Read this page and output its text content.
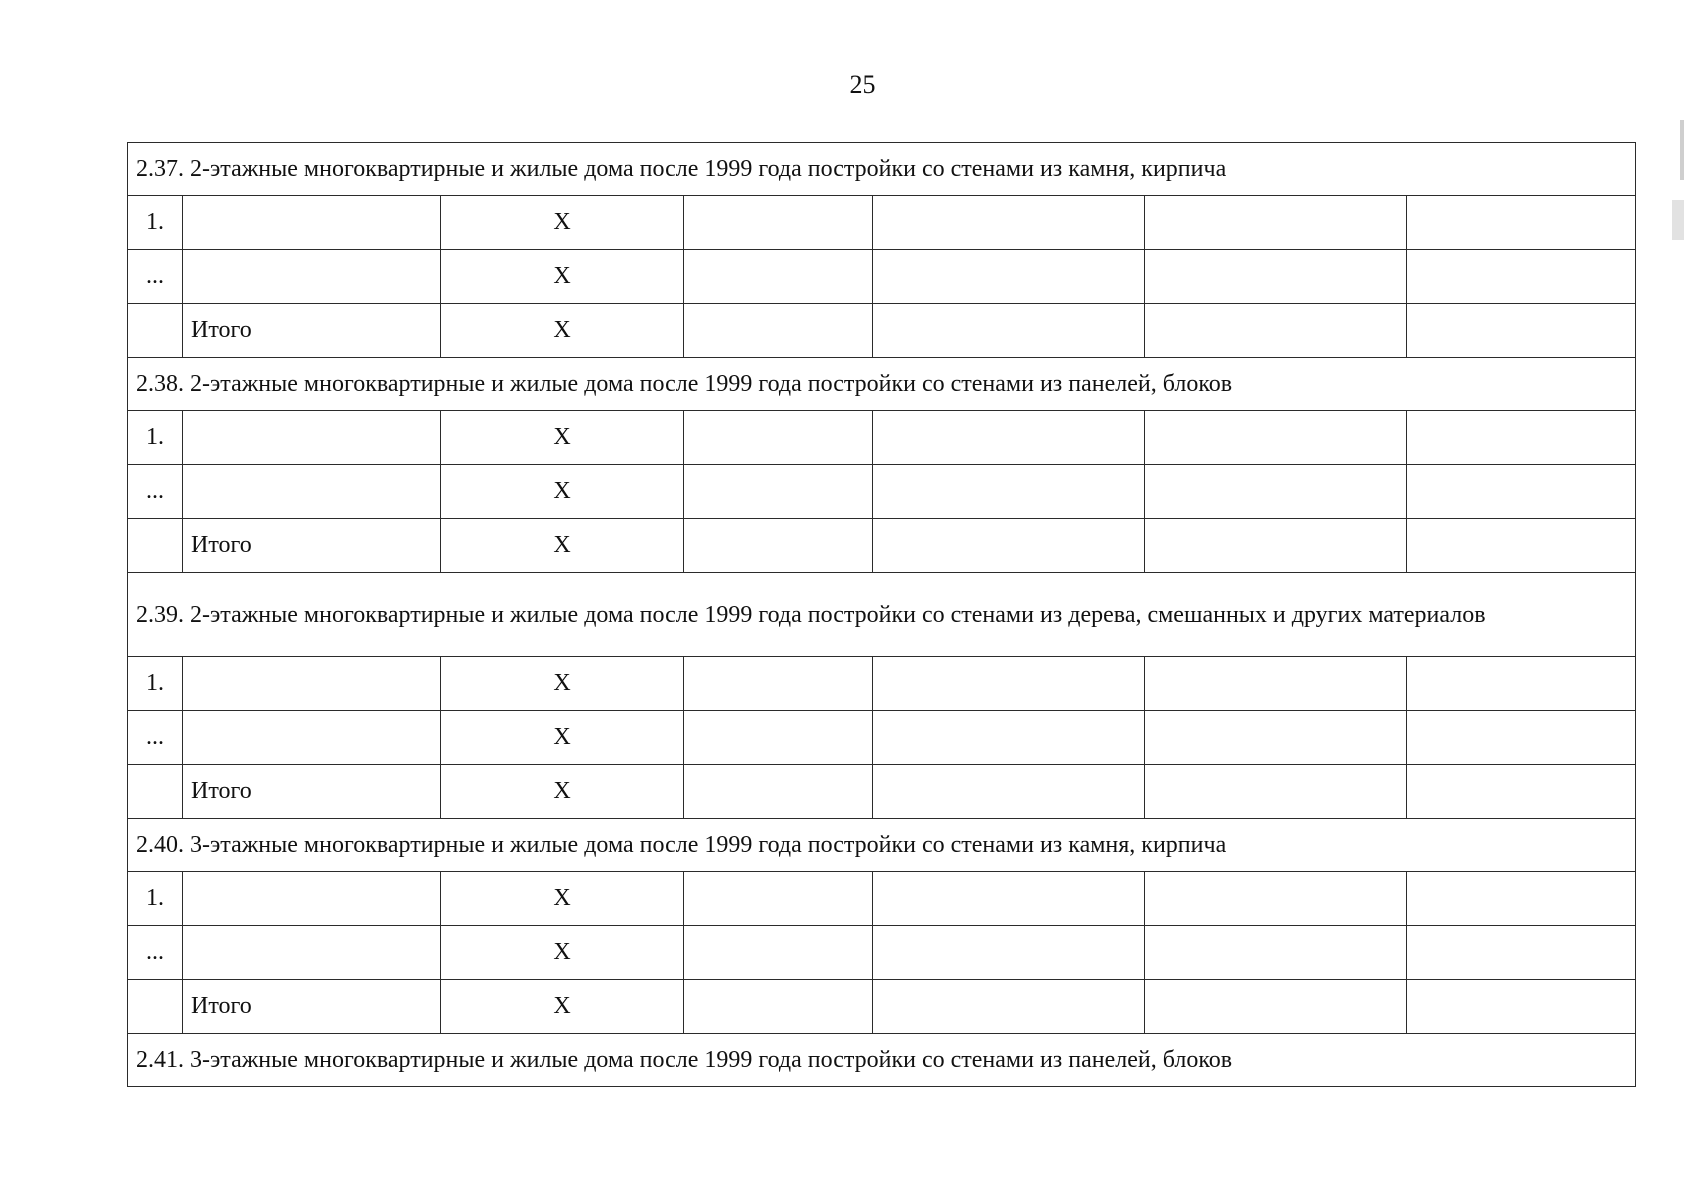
25
2.37. 2-этажные многоквартирные и жилые дома после 1999 года постройки со стенами из камня, кирпича						
1.		X				
...		X				
	Итого	X				
2.38. 2-этажные многоквартирные и жилые дома после 1999 года постройки со стенами из панелей, блоков						
1.		X				
...		X				
	Итого	X				
2.39. 2-этажные многоквартирные и жилые дома после 1999 года постройки со стенами из дерева, смешанных и других материалов						
1.		X				
...		X				
	Итого	X				
2.40. 3-этажные многоквартирные и жилые дома после 1999 года постройки со стенами из камня, кирпича						
1.		X				
...		X				
	Итого	X				
2.41. 3-этажные многоквартирные и жилые дома после 1999 года постройки со стенами из панелей, блоков						
